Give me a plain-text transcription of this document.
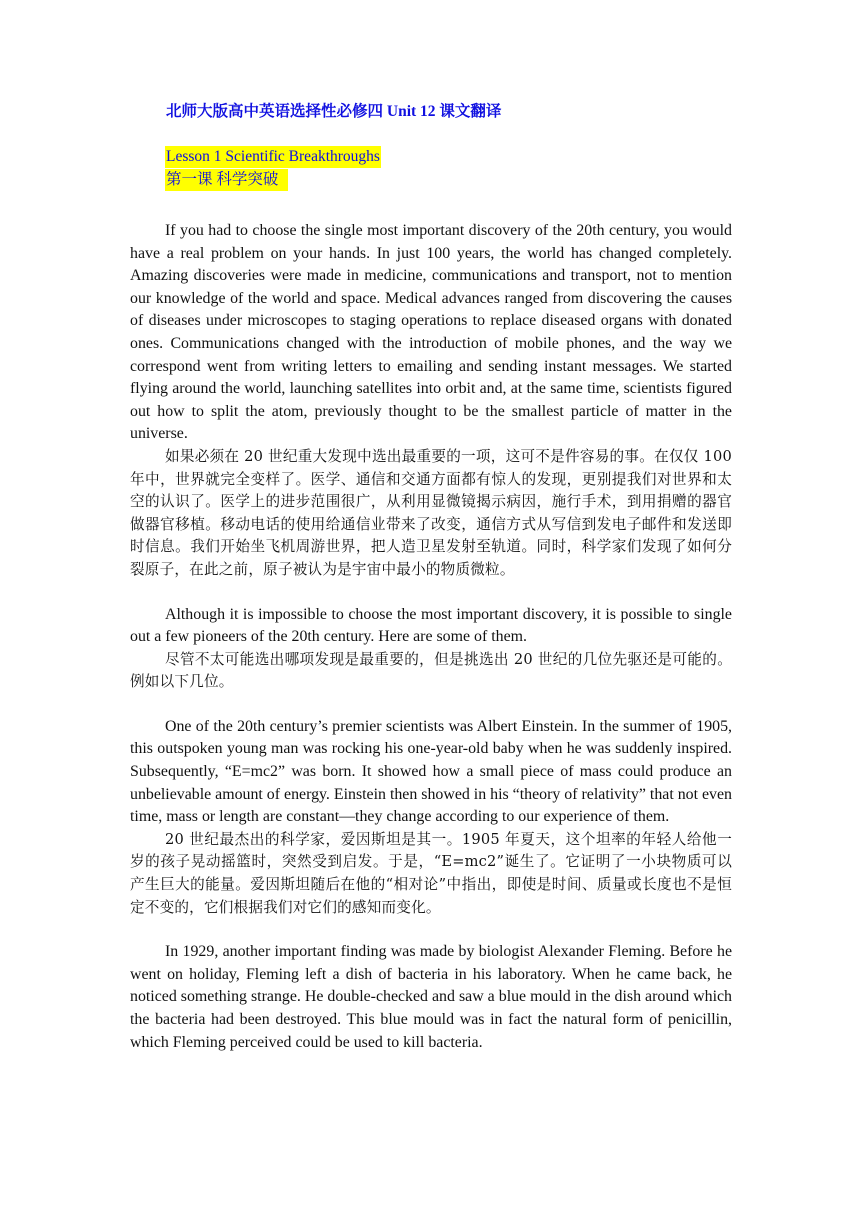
北师大版高中英语选择性必修四 Unit 12 课文翻译

Lesson 1 Scientific Breakthroughs
第一课 科学突破

If you had to choose the single most important discovery of the 20th century, you would have a real problem on your hands. In just 100 years, the world has changed completely. Amazing discoveries were made in medicine, communications and transport, not to mention our knowledge of the world and space. Medical advances ranged from discovering the causes of diseases under microscopes to staging operations to replace diseased organs with donated ones. Communications changed with the introduction of mobile phones, and the way we correspond went from writing letters to emailing and sending instant messages. We started flying around the world, launching satellites into orbit and, at the same time, scientists figured out how to split the atom, previously thought to be the smallest particle of matter in the universe.

如果必须在 20 世纪重大发现中选出最重要的一项，这可不是件容易的事。在仅仅 100 年中，世界就完全变样了。医学、通信和交通方面都有惊人的发现，更别提我们对世界和太空的认识了。医学上的进步范围很广，从利用显微镜揭示病因，施行手术，到用捐赠的器官做器官移植。移动电话的使用给通信业带来了改变，通信方式从写信到发电子邮件和发送即时信息。我们开始坐飞机周游世界，把人造卫星发射至轨道。同时，科学家们发现了如何分裂原子，在此之前，原子被认为是宇宙中最小的物质微粒。

Although it is impossible to choose the most important discovery, it is possible to single out a few pioneers of the 20th century. Here are some of them.

尽管不太可能选出哪项发现是最重要的，但是挑选出 20 世纪的几位先驱还是可能的。例如以下几位。

One of the 20th century’s premier scientists was Albert Einstein. In the summer of 1905, this outspoken young man was rocking his one-year-old baby when he was suddenly inspired. Subsequently, “E=mc2” was born. It showed how a small piece of mass could produce an unbelievable amount of energy. Einstein then showed in his “theory of relativity” that not even time, mass or length are constant—they change according to our experience of them.

20 世纪最杰出的科学家，爱因斯坦是其一。1905 年夏天，这个坦率的年轻人给他一岁的孩子晃动摇篮时，突然受到启发。于是，“E=mc2”诞生了。它证明了一小块物质可以产生巨大的能量。爱因斯坦随后在他的“相对论”中指出，即使是时间、质量或长度也不是恒定不变的，它们根据我们对它们的感知而变化。

In 1929, another important finding was made by biologist Alexander Fleming. Before he went on holiday, Fleming left a dish of bacteria in his laboratory. When he came back, he noticed something strange. He double-checked and saw a blue mould in the dish around which the bacteria had been destroyed. This blue mould was in fact the natural form of penicillin, which Fleming perceived could be used to kill bacteria.
